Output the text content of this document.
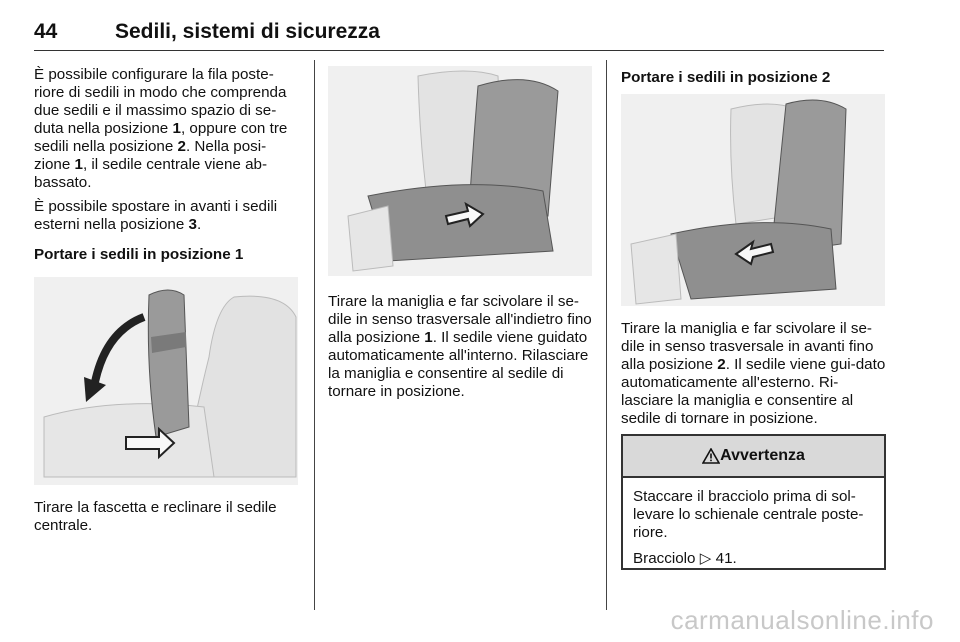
44	Sedili, sistemi di sicurezza

È possibile configurare la fila poste-riore di sedili in modo che comprenda due sedili e il massimo spazio di se-duta nella posizione 1, oppure con tre sedili nella posizione 2. Nella posi-zione 1, il sedile centrale viene ab-bassato.

È possibile spostare in avanti i sedili esterni nella posizione 3.

Portare i sedili in posizione 1
Tirare la fascetta e reclinare il sedile centrale.
Tirare la maniglia e far scivolare il se-dile in senso trasversale all'indietro fino alla posizione 1. Il sedile viene guidato automaticamente all'interno. Rilasciare la maniglia e consentire al sedile di tornare in posizione.
Portare i sedili in posizione 2
Tirare la maniglia e far scivolare il se-dile in senso trasversale in avanti fino alla posizione 2. Il sedile viene gui-dato automaticamente all'esterno. Ri-lasciare la maniglia e consentire al sedile di tornare in posizione.
Avvertenza

Staccare il bracciolo prima di sol-levare lo schienale centrale poste-riore.

Bracciolo ▷ 41.

carmanualsonline.info
